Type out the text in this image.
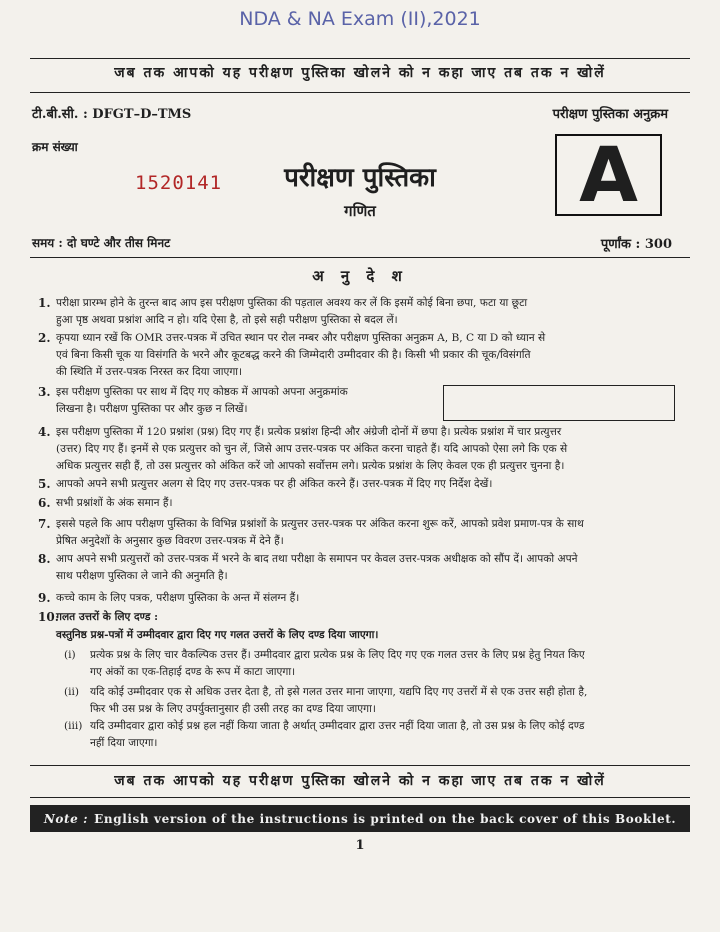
NDA & NA Exam (II),2021
जब तक आपको यह परीक्षण पुस्तिका खोलने को न कहा जाए तब तक न खोलें
टी.बी.सी. : DFGT–D–TMS	परीक्षण पुस्तिका अनुक्रम
क्रम संख्या
1520141	परीक्षण पुस्तिका
गणित	A
समय : दो घण्टे और तीस मिनट	पूर्णांक : 300
अ नु दे श
1. परीक्षा प्रारम्भ होने के तुरन्त बाद आप इस परीक्षण पुस्तिका की पड़ताल अवश्य कर लें कि इसमें कोई बिना छपा, फटा या छूटा
हुआ पृष्ठ अथवा प्रश्नांश आदि न हो। यदि ऐसा है, तो इसे सही परीक्षण पुस्तिका से बदल लें।
2. कृपया ध्यान रखें कि OMR उत्तर-पत्रक में उचित स्थान पर रोल नम्बर और परीक्षण पुस्तिका अनुक्रम A, B, C या D को ध्यान से
एवं बिना किसी चूक या विसंगति के भरने और कूटबद्ध करने की जिम्मेदारी उम्मीदवार की है। किसी भी प्रकार की चूक/विसंगति
की स्थिति में उत्तर-पत्रक निरस्त कर दिया जाएगा।
3. इस परीक्षण पुस्तिका पर साथ में दिए गए कोष्ठक में आपको अपना अनुक्रमांक
लिखना है। परीक्षण पुस्तिका पर और कुछ न लिखें।
4. इस परीक्षण पुस्तिका में 120 प्रश्नांश (प्रश्न) दिए गए हैं। प्रत्येक प्रश्नांश हिन्दी और अंग्रेजी दोनों में छपा है। प्रत्येक प्रश्नांश में चार प्रत्युत्तर
(उत्तर) दिए गए हैं। इनमें से एक प्रत्युत्तर को चुन लें, जिसे आप उत्तर-पत्रक पर अंकित करना चाहते हैं। यदि आपको ऐसा लगे कि एक से
अधिक प्रत्युत्तर सही हैं, तो उस प्रत्युत्तर को अंकित करें जो आपको सर्वोत्तम लगे। प्रत्येक प्रश्नांश के लिए केवल एक ही प्रत्युत्तर चुनना है।
5. आपको अपने सभी प्रत्युत्तर अलग से दिए गए उत्तर-पत्रक पर ही अंकित करने हैं। उत्तर-पत्रक में दिए गए निर्देश देखें।
6. सभी प्रश्नांशों के अंक समान हैं।
7. इससे पहले कि आप परीक्षण पुस्तिका के विभिन्न प्रश्नांशों के प्रत्युत्तर उत्तर-पत्रक पर अंकित करना शुरू करें, आपको प्रवेश प्रमाण-पत्र के साथ
प्रेषित अनुदेशों के अनुसार कुछ विवरण उत्तर-पत्रक में देने हैं।
8. आप अपने सभी प्रत्युत्तरों को उत्तर-पत्रक में भरने के बाद तथा परीक्षा के समापन पर केवल उत्तर-पत्रक अधीक्षक को सौंप दें। आपको अपने
साथ परीक्षण पुस्तिका ले जाने की अनुमति है।
9. कच्चे काम के लिए पत्रक, परीक्षण पुस्तिका के अन्त में संलग्न हैं।
10.
गलत उत्तरों के लिए दण्ड :
वस्तुनिष्ठ प्रश्न-पत्रों में उम्मीदवार द्वारा दिए गए गलत उत्तरों के लिए दण्ड दिया जाएगा।
(i) प्रत्येक प्रश्न के लिए चार वैकल्पिक उत्तर हैं। उम्मीदवार द्वारा प्रत्येक प्रश्न के लिए दिए गए एक गलत उत्तर के लिए प्रश्न हेतु नियत किए
गए अंकों का एक-तिहाई दण्ड के रूप में काटा जाएगा।
(ii) यदि कोई उम्मीदवार एक से अधिक उत्तर देता है, तो इसे गलत उत्तर माना जाएगा, यद्यपि दिए गए उत्तरों में से एक उत्तर सही होता है,
फिर भी उस प्रश्न के लिए उपर्युक्तानुसार ही उसी तरह का दण्ड दिया जाएगा।
(iii) यदि उम्मीदवार द्वारा कोई प्रश्न हल नहीं किया जाता है अर्थात् उम्मीदवार द्वारा उत्तर नहीं दिया जाता है, तो उस प्रश्न के लिए कोई दण्ड
नहीं दिया जाएगा।
जब तक आपको यह परीक्षण पुस्तिका खोलने को न कहा जाए तब तक न खोलें
Note : English version of the instructions is printed on the back cover of this Booklet.
1
